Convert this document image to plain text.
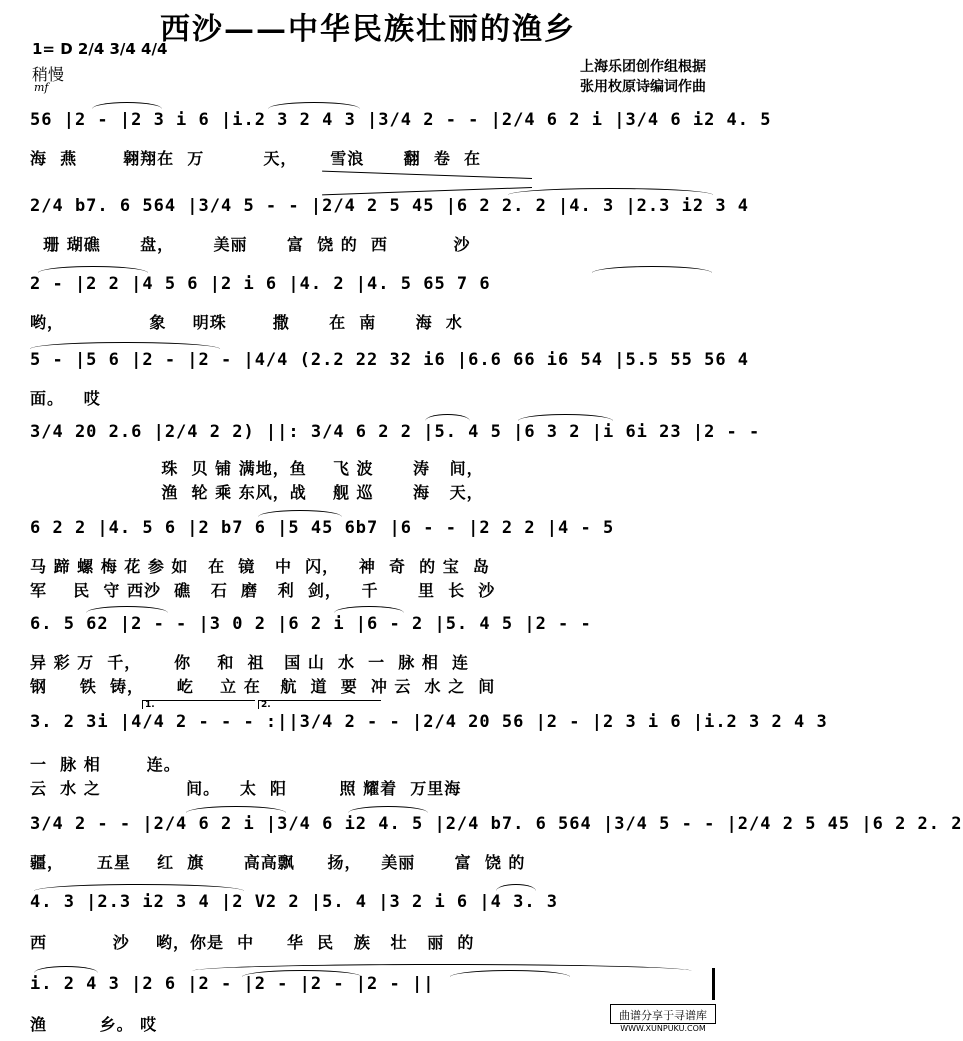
西沙——中华民族壮丽的渔乡
1= D 2/4 3/4 4/4
稍慢
mf
上海乐团创作组根据
张用枚原诗编词作曲
56 |2 - |2 3 i 6 |i.2 3 2 4 3 |3/4 2 - - |2/4 6 2 i |3/4 6 i2 4. 5
海  燕       翱翔在  万         天，     雪浪      翻  卷  在
2/4 b7. 6 564 |3/4 5 - - |2/4 2 5 45 |6 2 2. 2 |4. 3 |2.3 i2 3 4
珊 瑚礁      盘，      美丽      富  饶 的  西          沙
2 - |2 2 |4 5 6 |2 i 6 |4. 2 |4. 5 65 7 6
哟，             象    明珠       撒      在  南      海  水
5 - |5 6 |2 - |2 - |4/4 (2.2 22 32 i6 |6.6 66 i6 54 |5.5 55 56 4
面。   哎
3/4 20 2.6 |2/4 2 2) ||: 3/4 6 2 2 |5. 4 5 |6 3 2 |i 6i 23 |2 - -
珠  贝 铺 满地，鱼    飞 波      涛   间，
渔  轮 乘 东风，战    舰 巡      海   天，
6 2 2 |4. 5 6 |2 b7 6 |5 45 6b7 |6 - - |2 2 2 |4 - 5
马 蹄 螺 梅 花 参 如   在  镜   中  闪，   神  奇  的 宝  岛
军    民  守 西沙  礁   石  磨   利  剑，   千      里  长  沙
6. 5 62 |2 - - |3 0 2 |6 2 i |6 - 2 |5. 4 5 |2 - -
异 彩 万  千，     你    和  祖   国 山  水  一  脉 相  连
钢     铁  铸，     屹    立 在   航  道  要  冲 云  水 之  间
3. 2 3i |4/4 2 - - - :||3/4 2 - - |2/4 20 56 |2 - |2 3 i 6 |i.2 3 2 4 3
1.	2.
一  脉 相       连。
云  水 之             间。   太  阳        照 耀着  万里海
3/4 2 - - |2/4 6 2 i |3/4 6 i2 4. 5 |2/4 b7. 6 564 |3/4 5 - - |2/4 2 5 45 |6 2 2. 2
疆，     五星    红  旗      高高飘     扬，   美丽      富  饶 的
4. 3 |2.3 i2 3 4 |2 V2 2 |5. 4 |3 2 i 6 |4 3. 3
西          沙    哟，你是  中     华  民   族   壮   丽  的
i. 2 4 3 |2 6 |2 - |2 - |2 - |2 - ||
渔        乡。 哎	曲谱分享于寻谱库
WWW.XUNPUKU.COM
